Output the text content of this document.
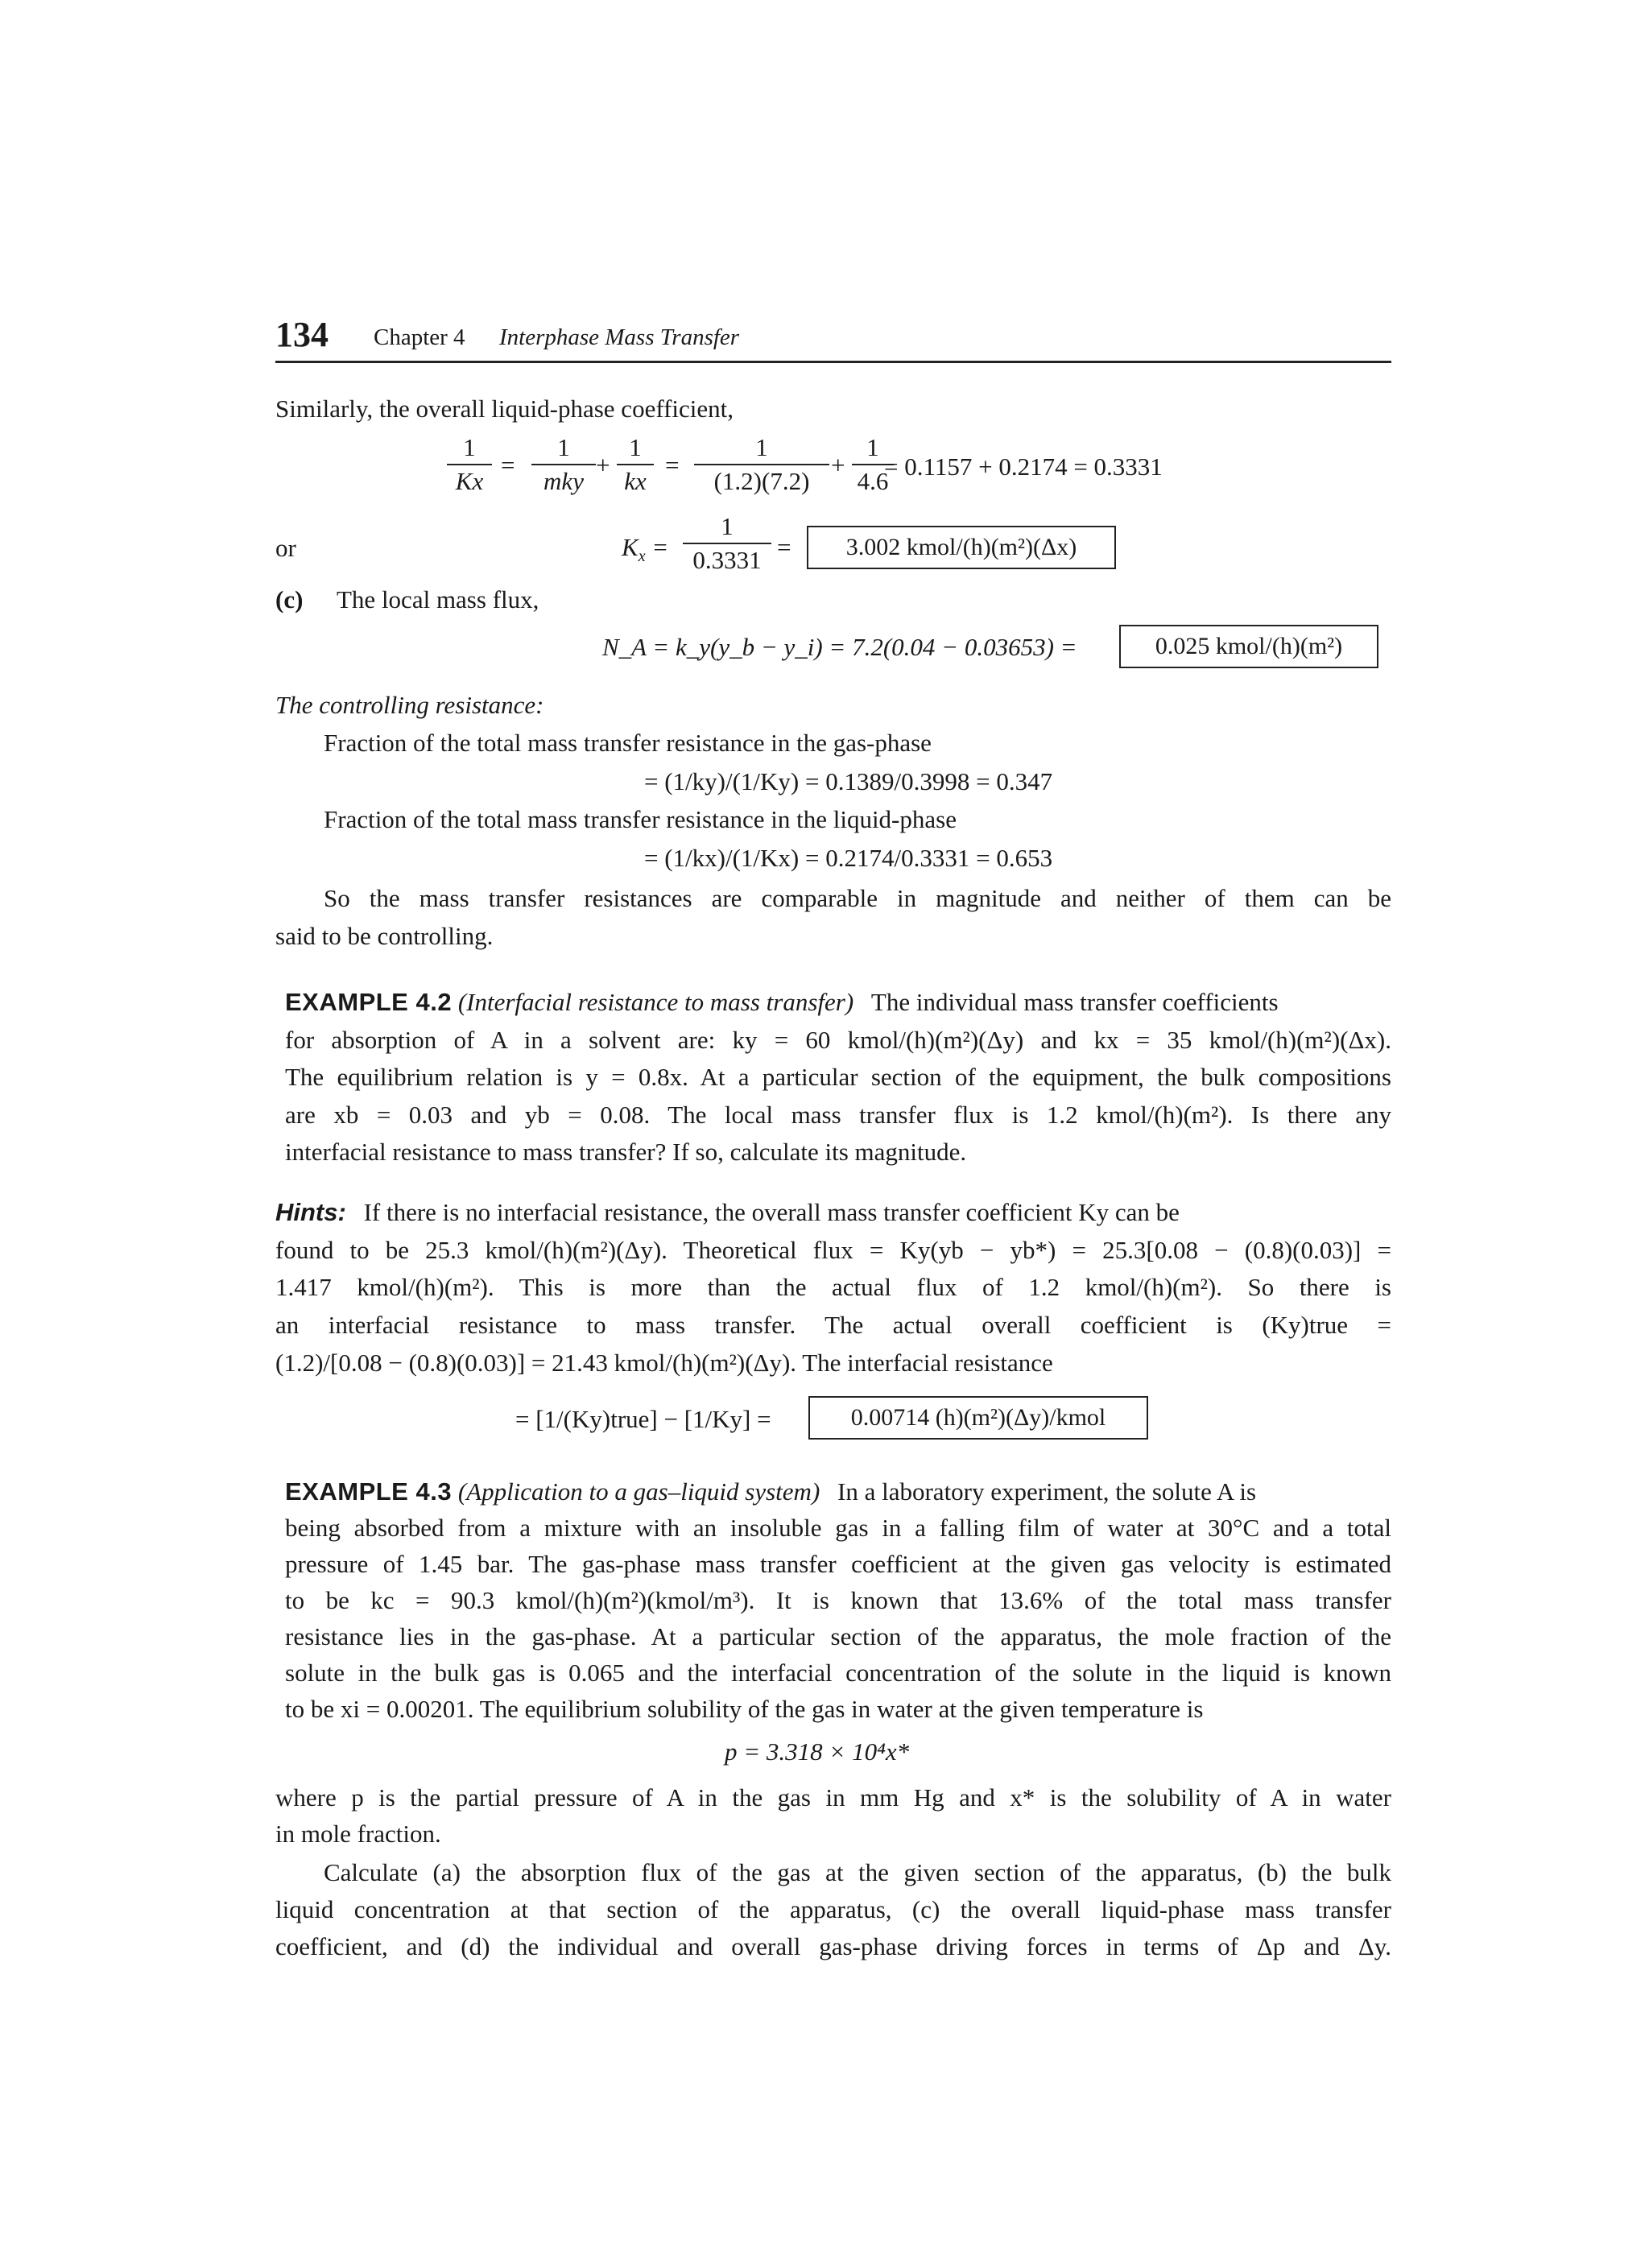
134 Chapter 4 Interphase Mass Transfer
Similarly, the overall liquid-phase coefficient,
1
Kx
=
1
mky
+
1
kx
=
1
(1.2)(7.2)
+
1
4.6
= 0.1157 + 0.2174 = 0.3331
or	$K_x$ =
1
0.3331 =	3.002 kmol/(h)(m²)(Δx)
(c) The local mass flux,
N_A = k_y(y_b − y_i) = 7.2(0.04 − 0.03653) =	0.025 kmol/(h)(m²)
The controlling resistance:
Fraction of the total mass transfer resistance in the gas-phase
= (1/ky)/(1/Ky) = 0.1389/0.3998 = 0.347
Fraction of the total mass transfer resistance in the liquid-phase
= (1/kx)/(1/Kx) = 0.2174/0.3331 = 0.653
So the mass transfer resistances are comparable in magnitude and neither of them can be
said to be controlling.
EXAMPLE 4.2 (Interfacial resistance to mass transfer) The individual mass transfer coefficients
for absorption of A in a solvent are: ky = 60 kmol/(h)(m²)(Δy) and kx = 35 kmol/(h)(m²)(Δx).
The equilibrium relation is y = 0.8x. At a particular section of the equipment, the bulk compositions
are xb = 0.03 and yb = 0.08. The local mass transfer flux is 1.2 kmol/(h)(m²). Is there any
interfacial resistance to mass transfer? If so, calculate its magnitude.
Hints: If there is no interfacial resistance, the overall mass transfer coefficient Ky can be
found to be 25.3 kmol/(h)(m²)(Δy). Theoretical flux = Ky(yb − yb*) = 25.3[0.08 − (0.8)(0.03)] =
1.417 kmol/(h)(m²). This is more than the actual flux of 1.2 kmol/(h)(m²). So there is
an interfacial resistance to mass transfer. The actual overall coefficient is (Ky)true =
(1.2)/[0.08 − (0.8)(0.03)] = 21.43 kmol/(h)(m²)(Δy). The interfacial resistance
= [1/(Ky)true] − [1/Ky] =	0.00714 (h)(m²)(Δy)/kmol
EXAMPLE 4.3 (Application to a gas–liquid system) In a laboratory experiment, the solute A is
being absorbed from a mixture with an insoluble gas in a falling film of water at 30°C and a total
pressure of 1.45 bar. The gas-phase mass transfer coefficient at the given gas velocity is estimated
to be kc = 90.3 kmol/(h)(m²)(kmol/m³). It is known that 13.6% of the total mass transfer
resistance lies in the gas-phase. At a particular section of the apparatus, the mole fraction of the
solute in the bulk gas is 0.065 and the interfacial concentration of the solute in the liquid is known
to be xi = 0.00201. The equilibrium solubility of the gas in water at the given temperature is
p = 3.318 × 10⁴x*
where p is the partial pressure of A in the gas in mm Hg and x* is the solubility of A in water
in mole fraction.
Calculate (a) the absorption flux of the gas at the given section of the apparatus, (b) the bulk
liquid concentration at that section of the apparatus, (c) the overall liquid-phase mass transfer
coefficient, and (d) the individual and overall gas-phase driving forces in terms of Δp and Δy.
